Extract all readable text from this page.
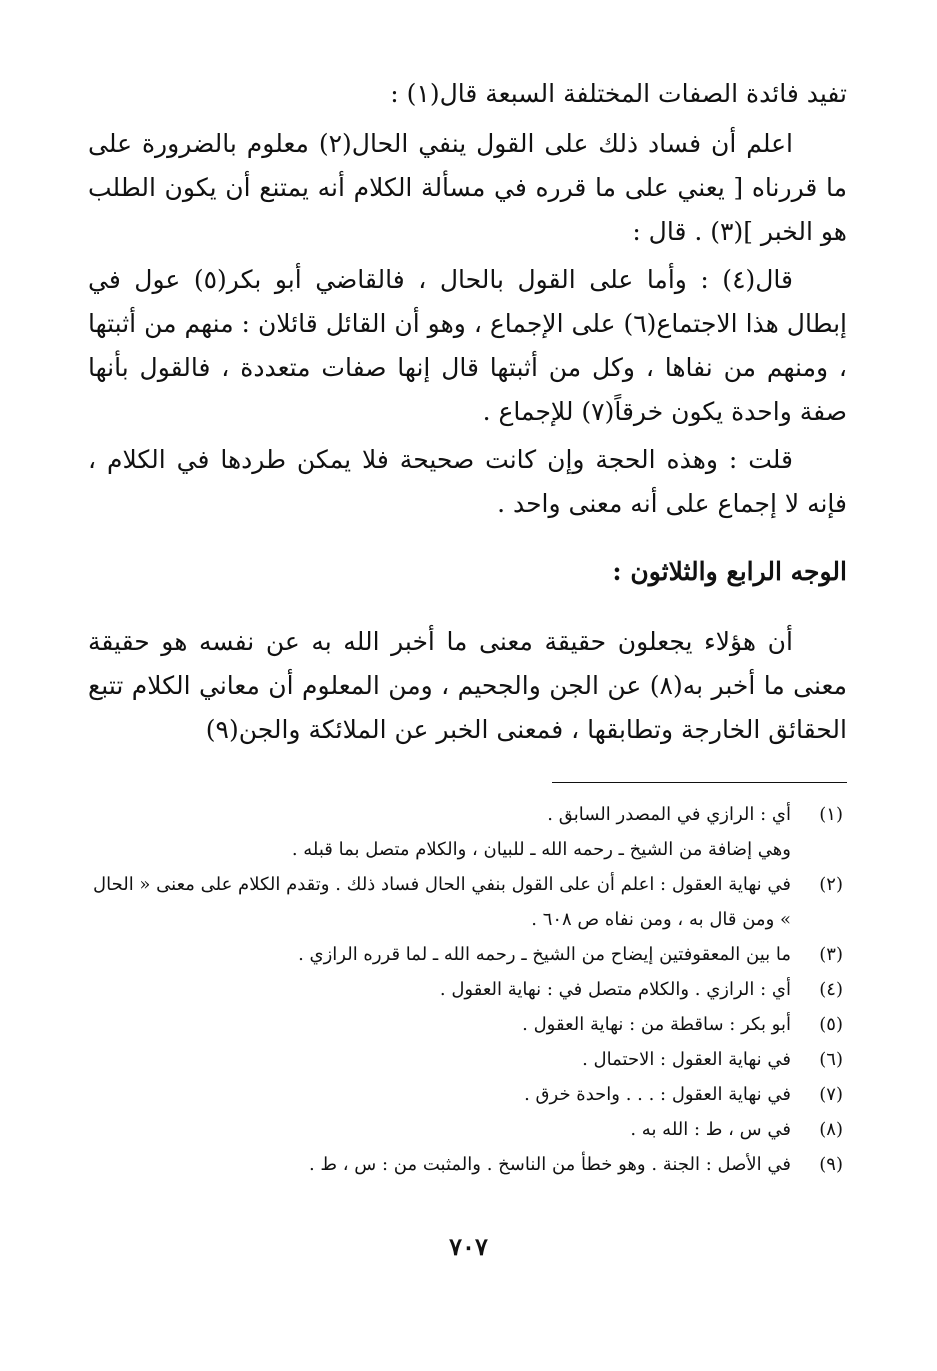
تفيد فائدة الصفات المختلفة السبعة قال(١) :

اعلم أن فساد ذلك على القول ينفي الحال(٢) معلوم بالضرورة على ما قررناه [ يعني على ما قرره في مسألة الكلام أنه يمتنع أن يكون الطلب هو الخبر ](٣) . قال :

قال(٤) : وأما على القول بالحال ، فالقاضي أبو بكر(٥) عول في إبطال هذا الاجتماع(٦) على الإجماع ، وهو أن القائل قائلان : منهم من أثبتها ، ومنهم من نفاها ، وكل من أثبتها قال إنها صفات متعددة ، فالقول بأنها صفة واحدة يكون خرقاً(٧) للإجماع .

قلت : وهذه الحجة وإن كانت صحيحة فلا يمكن طردها في الكلام ، فإنه لا إجماع على أنه معنى واحد .

الوجه الرابع والثلاثون :

أن هؤلاء يجعلون حقيقة معنى ما أخبر الله به عن نفسه هو حقيقة معنى ما أخبر به(٨) عن الجن والجحيم ، ومن المعلوم أن معاني الكلام تتبع الحقائق الخارجة وتطابقها ، فمعنى الخبر عن الملائكة والجن(٩)

(١)
أي : الرازي في المصدر السابق .
وهي إضافة من الشيخ ـ رحمه الله ـ للبيان ، والكلام متصل بما قبله .
(٢)
في نهاية العقول : اعلم أن على القول بنفي الحال فساد ذلك . وتقدم الكلام على معنى « الحال » ومن قال به ، ومن نفاه ص ٦٠٨ .
(٣)
ما بين المعقوفتين إيضاح من الشيخ ـ رحمه الله ـ لما قرره الرازي .
(٤)
أي : الرازي . والكلام متصل في : نهاية العقول .
(٥)
أبو بكر : ساقطة من : نهاية العقول .
(٦)
في نهاية العقول : الاحتمال .
(٧)
في نهاية العقول : . . . واحدة خرق .
(٨)
في س ، ط : الله به .
(٩)
في الأصل : الجنة . وهو خطأ من الناسخ . والمثبت من : س ، ط .
٧٠٧
